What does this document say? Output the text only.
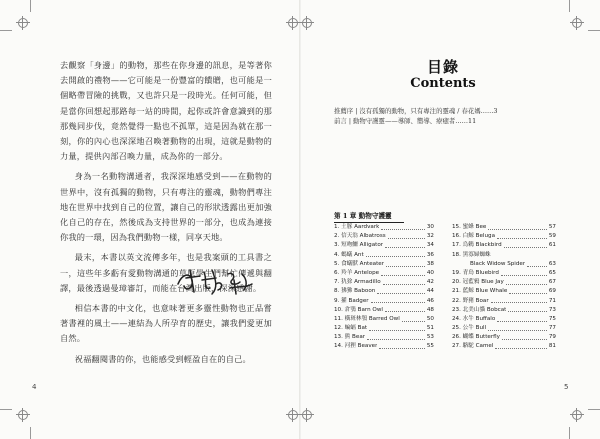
去觀察「身邊」的動物，那些在你身邊的訊息，是等著你去開啟的禮物——它可能是一份豐富的饋贈，也可能是一個略帶冒險的挑戰，又也許只是一段時光。任何可能，但是當你回想起那路每一站的時間，起你或許會意識到的那那幾同步伐，竟然覺得一點也不孤單，這是因為就在那一刻，你的內心也深深地召喚著動物的出現，這就是動物的力量，提供內部召喚力量，成為你的一部分。

身為一名動物溝通者，我深深地感受到——在動物的世界中，沒有孤獨的動物，只有專注的靈魂，動物們專注地在世界中找到自己的位置，讓自己的形狀透露出更加強化自己的存在，然後成為支持世界的一部分，也成為連接你我的一環，因為我們動物一樣，同享天地。

最末，本書以英文流傳多年，也是我案頭的工具書之一，這些年多虧有愛動物溝通的草原學生們幫忙傳遞與翻譯，最後透過曼璋審訂，而能在台灣出版，深深感謝。

相信本書的中文化，也意味著更多靈性動物也正品嘗著書裡的風土——連結為人所孕育的歷史，讓我們愛更加自然。

祝福翻閱書的你，也能感受到輕盈自在的自己。

4
目錄
Contents
推薦序 | 沒有孤獨的動物，只有專注的靈魂 / 春花媽……3
前言 | 動物守護靈——導師、嚮導、療癒者……11
第 1 章 動物守護靈
1. 土豚 Aardvark	30
2. 信天翁 Albatross	32
3. 短吻鱷 Alligator	34
4. 螞蟻 Ant	36
5. 食蟻獸 Anteater	38
6. 羚羊 Antelope	40
7. 犰狳 Armadillo	42
8. 狒狒 Baboon	44
9. 獾 Badger	46
10. 倉鴞 Barn Owl	48
11. 橫斑林鴞 Barred Owl	50
12. 蝙蝠 Bat	51
13. 熊 Bear	53
14. 河狸 Beaver	55
15. 蜜蜂 Bee	57
16. 白鯨 Beluga	59
17. 烏鶇 Blackbird	61
18. 黑寡婦蜘蛛
Black Widow Spider	63
19. 青鳥 Bluebird	65
20. 冠藍鴉 Blue Jay	67
21. 藍鯨 Blue Whale	69
22. 野豬 Boar	71
23. 北美山貓 Bobcat	73
24. 水牛 Buffalo	75
25. 公牛 Bull	77
26. 蝴蝶 Butterfly	79
27. 駱駝 Camel	81
5
